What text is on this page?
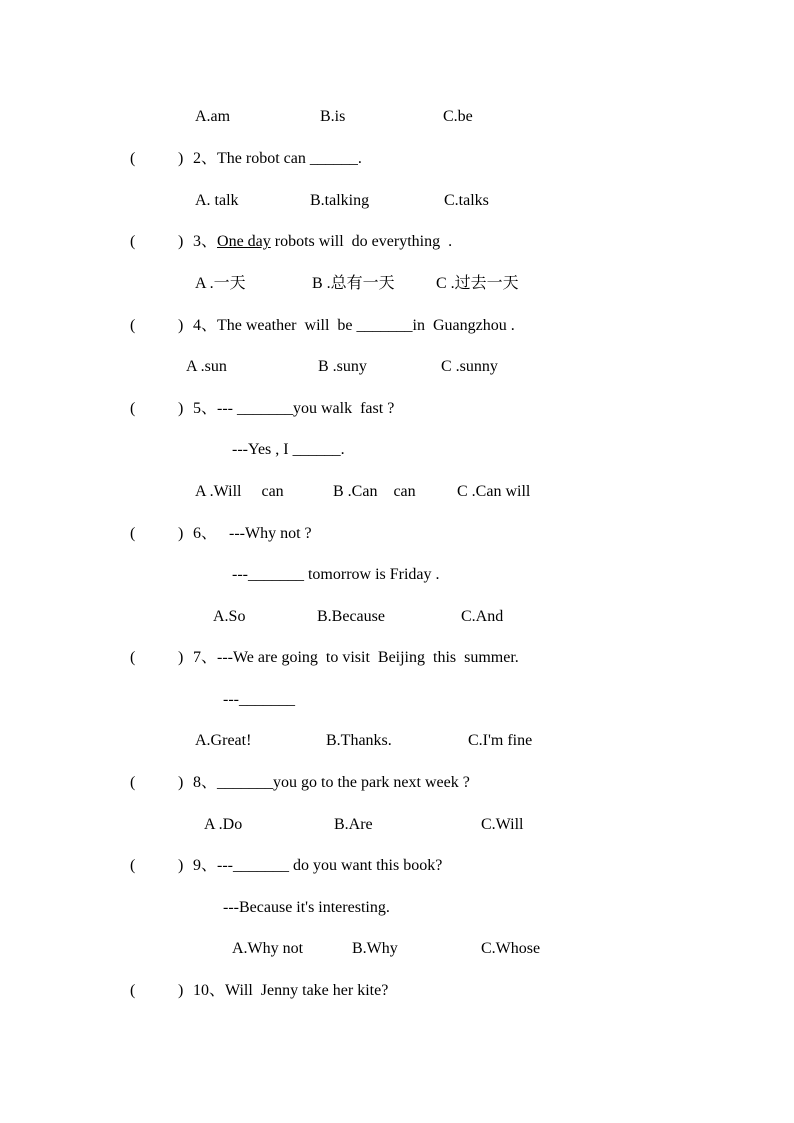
A.am	B.is	C.be
(	) 2、The robot can ______.
A. talk	B.talking	C.talks
(	) 3、One day robots will  do everything  .
A .一天	B .总有一天	C .过去一天
(	) 4、The weather  will  be _______in  Guangzhou .
A .sun	B .suny	C .sunny
(	) 5、--- _______you walk  fast ?
---Yes , I ______.
A .Will     can	B .Can    can	C .Can will
(	) 6、   ---Why not ?
---_______ tomorrow is Friday .
A.So	B.Because	C.And
(	) 7、---We are going  to visit  Beijing  this  summer.
---_______
A.Great!	B.Thanks.	C.I'm fine
(	) 8、_______you go to the park next week ?
A .Do	B.Are	C.Will
(	) 9、---_______ do you want this book?
---Because it's interesting.
A.Why not	B.Why	C.Whose
(	) 10、Will  Jenny take her kite?
